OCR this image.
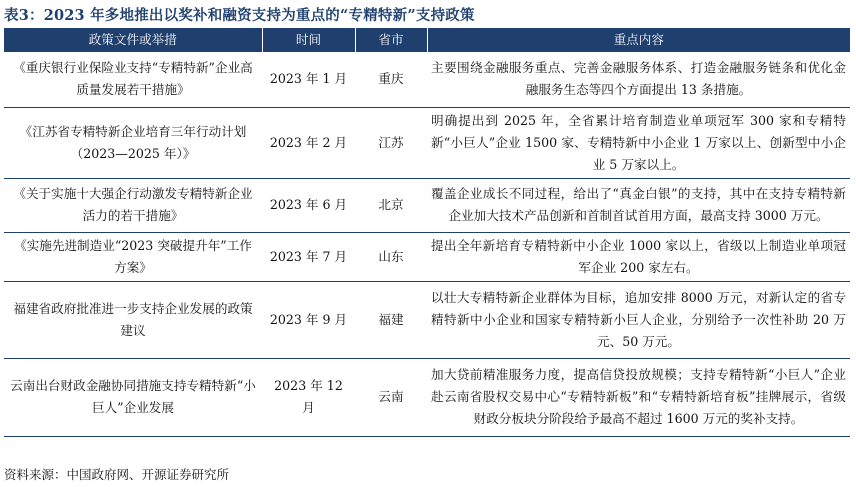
表3：2023 年多地推出以奖补和融资支持为重点的“专精特新”支持政策
政策文件或举措	时间	省市	重点内容
《重庆银行业保险业支持“专精特新”企业高质量发展若干措施》	2023 年 1 月	重庆	主要围绕金融服务重点、完善金融服务体系、打造金融服务链条和优化金融服务生态等四个方面提出 13 条措施。
《江苏省专精特新企业培育三年行动计划（2023—2025 年）》	2023 年 2 月	江苏	明确提出到 2025 年，全省累计培育制造业单项冠军 300 家和专精特新“小巨人”企业 1500 家、专精特新中小企业 1 万家以上、创新型中小企业 5 万家以上。
《关于实施十大强企行动激发专精特新企业活力的若干措施》	2023 年 6 月	北京	覆盖企业成长不同过程，给出了“真金白银”的支持，其中在支持专精特新企业加大技术产品创新和首制首试首用方面，最高支持 3000 万元。
《实施先进制造业“2023 突破提升年”工作方案》	2023 年 7 月	山东	提出全年新培育专精特新中小企业 1000 家以上，省级以上制造业单项冠军企业 200 家左右。
福建省政府批准进一步支持企业发展的政策建议	2023 年 9 月	福建	以壮大专精特新企业群体为目标，追加安排 8000 万元，对新认定的省专精特新中小企业和国家专精特新小巨人企业，分别给予一次性补助 20 万元、50 万元。
云南出台财政金融协同措施支持专精特新“小巨人”企业发展	2023 年 12 月	云南	加大贷前精准服务力度，提高信贷投放规模；支持专精特新“小巨人”企业赴云南省股权交易中心“专精特新板”和“专精特新培育板”挂牌展示，省级财政分板块分阶段给予最高不超过 1600 万元的奖补支持。
资料来源：中国政府网、开源证券研究所
